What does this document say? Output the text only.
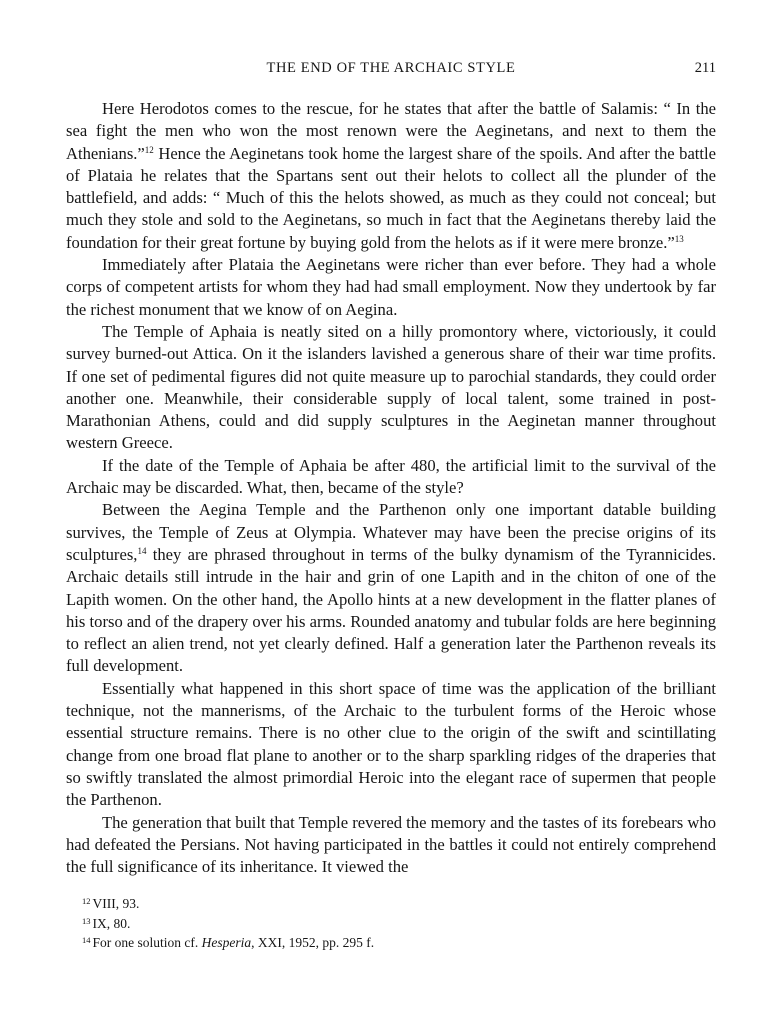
THE END OF THE ARCHAIC STYLE	211

Here Herodotos comes to the rescue, for he states that after the battle of Salamis: “ In the sea fight the men who won the most renown were the Aeginetans, and next to them the Athenians.”$^{12}$ Hence the Aeginetans took home the largest share of the spoils. And after the battle of Plataia he relates that the Spartans sent out their helots to collect all the plunder of the battlefield, and adds: “ Much of this the helots showed, as much as they could not conceal; but much they stole and sold to the Aeginetans, so much in fact that the Aeginetans thereby laid the foundation for their great fortune by buying gold from the helots as if it were mere bronze.”$^{13}$

Immediately after Plataia the Aeginetans were richer than ever before. They had a whole corps of competent artists for whom they had had small employment. Now they undertook by far the richest monument that we know of on Aegina.

The Temple of Aphaia is neatly sited on a hilly promontory where, victoriously, it could survey burned-out Attica. On it the islanders lavished a generous share of their war time profits. If one set of pedimental figures did not quite measure up to parochial standards, they could order another one. Meanwhile, their considerable supply of local talent, some trained in post-Marathonian Athens, could and did supply sculptures in the Aeginetan manner throughout western Greece.

If the date of the Temple of Aphaia be after 480, the artificial limit to the survival of the Archaic may be discarded. What, then, became of the style?

Between the Aegina Temple and the Parthenon only one important datable building survives, the Temple of Zeus at Olympia. Whatever may have been the precise origins of its sculptures,$^{14}$ they are phrased throughout in terms of the bulky dynamism of the Tyrannicides. Archaic details still intrude in the hair and grin of one Lapith and in the chiton of one of the Lapith women. On the other hand, the Apollo hints at a new development in the flatter planes of his torso and of the drapery over his arms. Rounded anatomy and tubular folds are here beginning to reflect an alien trend, not yet clearly defined. Half a generation later the Parthenon reveals its full development.

Essentially what happened in this short space of time was the application of the brilliant technique, not the mannerisms, of the Archaic to the turbulent forms of the Heroic whose essential structure remains. There is no other clue to the origin of the swift and scintillating change from one broad flat plane to another or to the sharp sparkling ridges of the draperies that so swiftly translated the almost primordial Heroic into the elegant race of supermen that people the Parthenon.

The generation that built that Temple revered the memory and the tastes of its forebears who had defeated the Persians. Not having participated in the battles it could not entirely comprehend the full significance of its inheritance. It viewed the

$^{12}$ VIII, 93.
$^{13}$ IX, 80.
$^{14}$ For one solution cf. Hesperia, XXI, 1952, pp. 295 f.
